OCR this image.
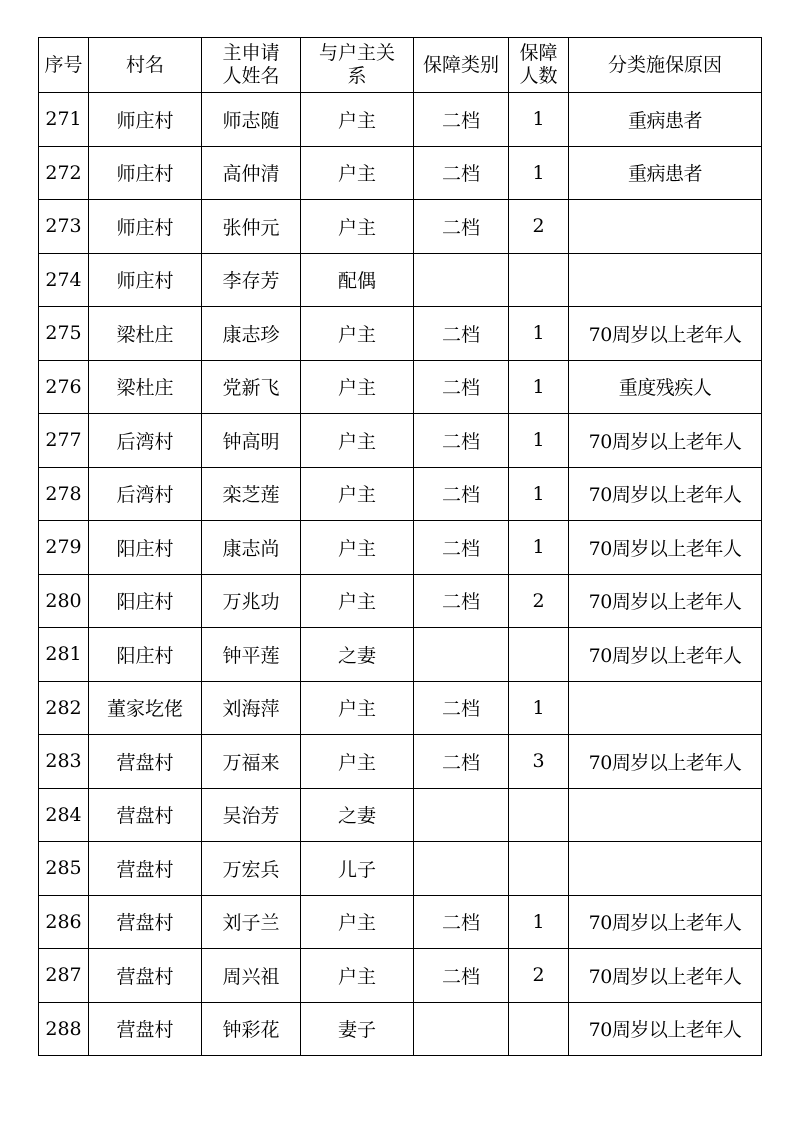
序号	村名	主申请人姓名	与户主关系	保障类别	保障人数	分类施保原因
271	师庄村	师志随	户主	二档	1	重病患者
272	师庄村	高仲清	户主	二档	1	重病患者
273	师庄村	张仲元	户主	二档	2	
274	师庄村	李存芳	配偶			
275	梁杜庄	康志珍	户主	二档	1	70周岁以上老年人
276	梁杜庄	党新飞	户主	二档	1	重度残疾人
277	后湾村	钟高明	户主	二档	1	70周岁以上老年人
278	后湾村	栾芝莲	户主	二档	1	70周岁以上老年人
279	阳庄村	康志尚	户主	二档	1	70周岁以上老年人
280	阳庄村	万兆功	户主	二档	2	70周岁以上老年人
281	阳庄村	钟平莲	之妻			70周岁以上老年人
282	董家圪佬	刘海萍	户主	二档	1	
283	营盘村	万福来	户主	二档	3	70周岁以上老年人
284	营盘村	吴治芳	之妻			
285	营盘村	万宏兵	儿子			
286	营盘村	刘子兰	户主	二档	1	70周岁以上老年人
287	营盘村	周兴祖	户主	二档	2	70周岁以上老年人
288	营盘村	钟彩花	妻子			70周岁以上老年人
